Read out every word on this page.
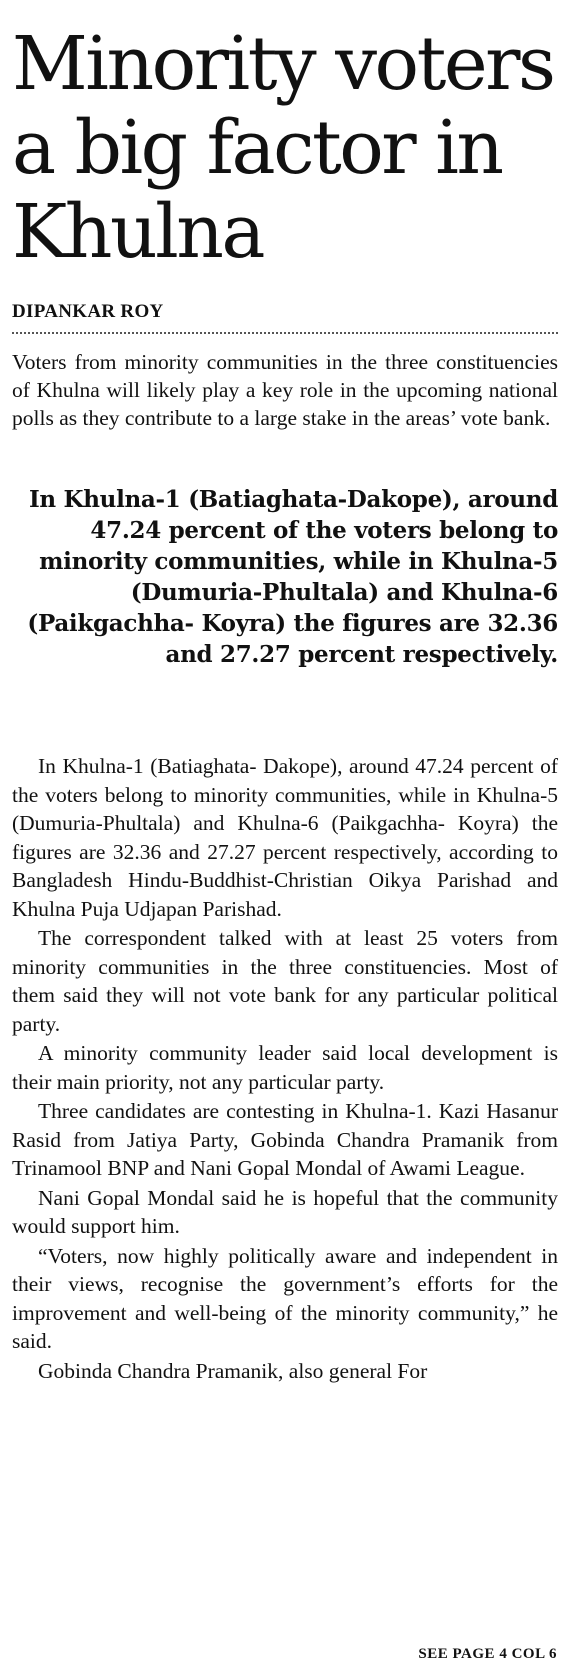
Minority voters a big factor in Khulna
DIPANKAR ROY

Voters from minority communities in the three constituencies of Khulna will likely play a key role in the upcoming national polls as they contribute to a large stake in the areas’ vote bank.

In Khulna-1 (Batiaghata-Dakope), around 47.24 percent of the voters belong to minority communities, while in Khulna-5 (Dumuria-Phultala) and Khulna-6 (Paikgachha- Koyra) the figures are 32.36 and 27.27 percent respectively.

In Khulna-1 (Batiaghata- Dakope), around 47.24 percent of the voters belong to minority communities, while in Khulna-5 (Dumuria-Phultala) and Khulna-6 (Paikgachha- Koyra) the figures are 32.36 and 27.27 percent respectively, according to Bangladesh Hindu-Buddhist-Christian Oikya Parishad and Khulna Puja Udjapan Parishad.

The correspondent talked with at least 25 voters from minority communities in the three constituencies. Most of them said they will not vote bank for any particular political party.

A minority community leader said local development is their main priority, not any particular party.

Three candidates are contesting in Khulna-1. Kazi Hasanur Rasid from Jatiya Party, Gobinda Chandra Pramanik from Trinamool BNP and Nani Gopal Mondal of Awami League.

Nani Gopal Mondal said he is hopeful that the community would support him.

“Voters, now highly politically aware and independent in their views, recognise the government’s efforts for the improvement and well-being of the minority community,” he said.

Gobinda Chandra Pramanik, also general For

SEE PAGE 4 COL 6
